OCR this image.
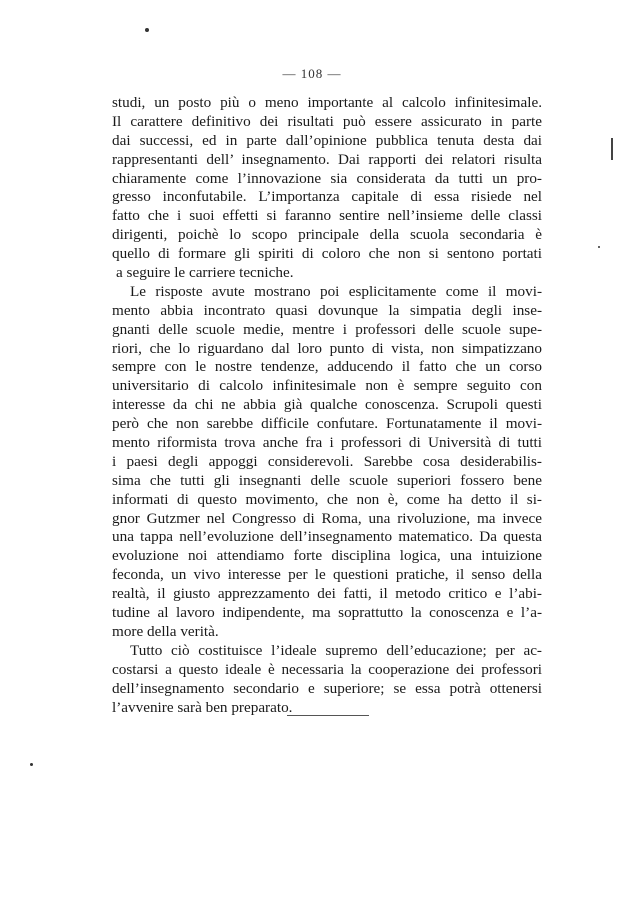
— 108 —
studi, un posto più o meno importante al calcolo infinitesimale.
Il carattere definitivo dei risultati può essere assicurato in parte
dai successi, ed in parte dall’opinione pubblica tenuta desta dai
rappresentanti dell’ insegnamento. Dai rapporti dei relatori risulta
chiaramente come l’innovazione sia considerata da tutti un pro-
gresso inconfutabile. L’importanza capitale di essa risiede nel
fatto che i suoi effetti si faranno sentire nell’insieme delle classi
dirigenti, poichè lo scopo principale della scuola secondaria è
quello di formare gli spiriti di coloro che non si sentono portati
a seguire le carriere tecniche.
Le risposte avute mostrano poi esplicitamente come il movi-
mento abbia incontrato quasi dovunque la simpatia degli inse-
gnanti delle scuole medie, mentre i professori delle scuole supe-
riori, che lo riguardano dal loro punto di vista, non simpatizzano
sempre con le nostre tendenze, adducendo il fatto che un corso
universitario di calcolo infinitesimale non è sempre seguito con
interesse da chi ne abbia già qualche conoscenza. Scrupoli questi
però che non sarebbe difficile confutare. Fortunatamente il movi-
mento riformista trova anche fra i professori di Università di tutti
i paesi degli appoggi considerevoli. Sarebbe cosa desiderabilis-
sima che tutti gli insegnanti delle scuole superiori fossero bene
informati di questo movimento, che non è, come ha detto il si-
gnor Gutzmer nel Congresso di Roma, una rivoluzione, ma invece
una tappa nell’evoluzione dell’insegnamento matematico. Da questa
evoluzione noi attendiamo forte disciplina logica, una intuizione
feconda, un vivo interesse per le questioni pratiche, il senso della
realtà, il giusto apprezzamento dei fatti, il metodo critico e l’abi-
tudine al lavoro indipendente, ma soprattutto la conoscenza e l’a-
more della verità.
Tutto ciò costituisce l’ideale supremo dell’educazione; per ac-
costarsi a questo ideale è necessaria la cooperazione dei professori
dell’insegnamento secondario e superiore; se essa potrà ottenersi
l’avvenire sarà ben preparato.
